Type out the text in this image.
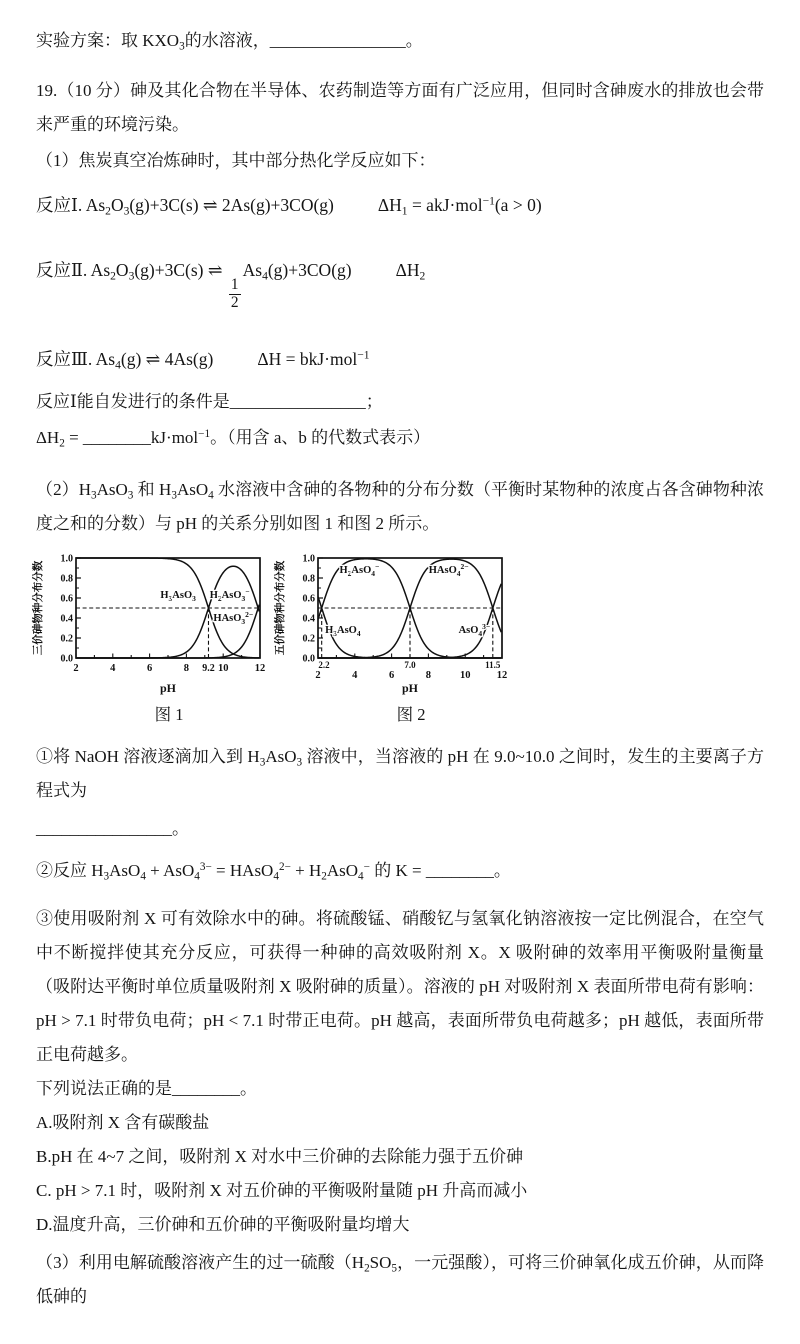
实验方案：取 $KXO_3$的水溶液，________________。

19.（10 分）砷及其化合物在半导体、农药制造等方面有广泛应用，但同时含砷废水的排放也会带来严重的环境污染。

（1）焦炭真空冶炼砷时，其中部分热化学反应如下：

反应Ⅰ. $As_2O_3(g)+3C(s)$ ⇌ 2As(g)+3CO(g)	$\Delta H_1 = akJ\cdot mol^{-1}(a > 0)$
反应Ⅱ. $As_2O_3(g)+3C(s)$ ⇌
$\frac{1}{2}$
$As_4(g)+3CO(g)$	$\Delta H_2$
反应Ⅲ. $As_4(g)$ ⇌ 4As(g)	ΔH = bkJ·mol$^{-1}$

反应Ⅰ能自发进行的条件是________________；

$\Delta H_2$ = ________kJ·mol$^{-1}$。（用含 a、b 的代数式表示）

$(2)H_3AsO_3$ 和 $H_3AsO_4$ 水溶液中含砷的各物种的分布分数（平衡时某物种的浓度占各含砷物种浓度之和的分数）与 pH 的关系分别如图 1 和图 2 所示。

0.0
0.2
0.4
0.6
0.8
1.0
2	4	6	8	10	12
9.2
$H_3AsO_3$ $H_2AsO_3^-$
HAsO$_3^{2-}$
三价砷物种分布分数
pH
图 1
0.0
0.2
0.4
0.6
0.8
1.0
2	4	6	8	10	12
2.2	7.0	11.5
$H_3AsO_4$
$H_2AsO_4^-$	HAsO$_4^{2-}$
AsO$_4^{3-}$
五价砷物种分布分数
pH
图 2

①将 NaOH 溶液逐滴加入到 $H_3AsO_3$ 溶液中，当溶液的 pH 在 9.0~10.0 之间时，发生的主要离子方程式为

________________。

②反应 $H_3AsO_4 + AsO_4^{3-}$ = HAsO$_4^{2-}$ + $H_2AsO_4^-$ 的 K = ________。

③使用吸附剂 X 可有效除水中的砷。将硫酸锰、硝酸钇与氢氧化钠溶液按一定比例混合，在空气中不断搅拌使其充分反应，可获得一种砷的高效吸附剂 X。X 吸附砷的效率用平衡吸附量衡量（吸附达平衡时单位质量吸附剂 X 吸附砷的质量）。溶液的 pH 对吸附剂 X 表面所带电荷有影响：pH > 7.1 时带负电荷；pH < 7.1 时带正电荷。pH 越高，表面所带负电荷越多；pH 越低，表面所带正电荷越多。

下列说法正确的是________。

A.吸附剂 X 含有碳酸盐

B.pH 在 4~7 之间，吸附剂 X 对水中三价砷的去除能力强于五价砷

C. pH > 7.1 时，吸附剂 X 对五价砷的平衡吸附量随 pH 升高而减小

D.温度升高，三价砷和五价砷的平衡吸附量均增大

（3）利用电解硫酸溶液产生的过一硫酸（$H_2SO_5$，一元强酸），可将三价砷氧化成五价砷，从而降低砷的
